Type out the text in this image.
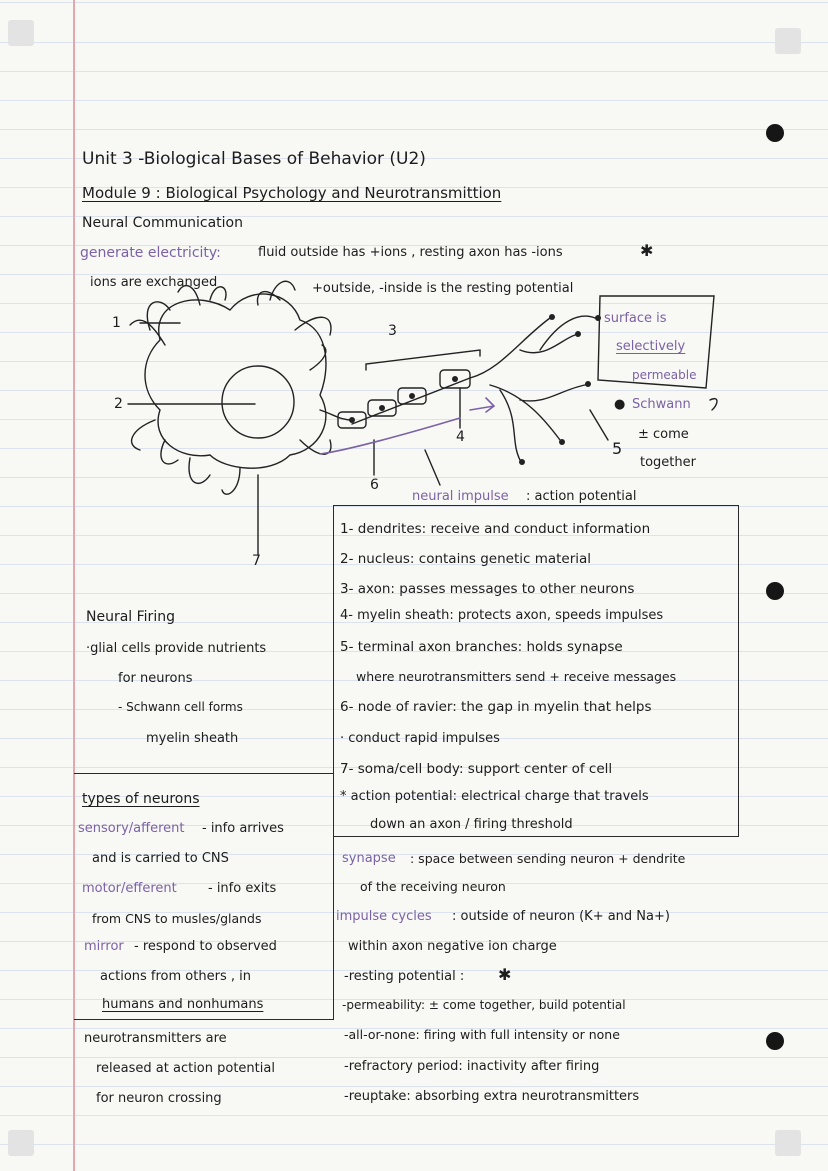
Unit 3 -Biological Bases of Behavior (U2)
Module 9 : Biological Psychology and Neurotransmittion
Neural Communication
generate electricity:	fluid outside has +ions , resting axon has -ions	✱
ions are exchanged	+outside, -inside is the resting potential
1
2
3
4
5
6
7
surface is
selectively
permeable
● Schwann
± come
together
neural impulse : action potential
1- dendrites: receive and conduct information
2- nucleus: contains genetic material
3- axon: passes messages to other neurons
4- myelin sheath: protects axon, speeds impulses
5- terminal axon branches: holds synapse
where neurotransmitters send + receive messages
6- node of ravier: the gap in myelin that helps
· conduct rapid impulses
7- soma/cell body: support center of cell
* action potential: electrical charge that travels
down an axon / firing threshold
Neural Firing
·glial cells provide nutrients
for neurons
- Schwann cell forms
myelin sheath
types of neurons
sensory/afferent - info arrives
and is carried to CNS
motor/efferent - info exits
from CNS to musles/glands
mirror - respond to observed
actions from others , in
humans and nonhumans
neurotransmitters are
released at action potential
for neuron crossing
synapse : space between sending neuron + dendrite
of the receiving neuron
impulse cycles : outside of neuron (K+ and Na+)
within axon negative ion charge
-resting potential : ✱
-permeability: ± come together, build potential
-all-or-none: firing with full intensity or none
-refractory period: inactivity after firing
-reuptake: absorbing extra neurotransmitters
